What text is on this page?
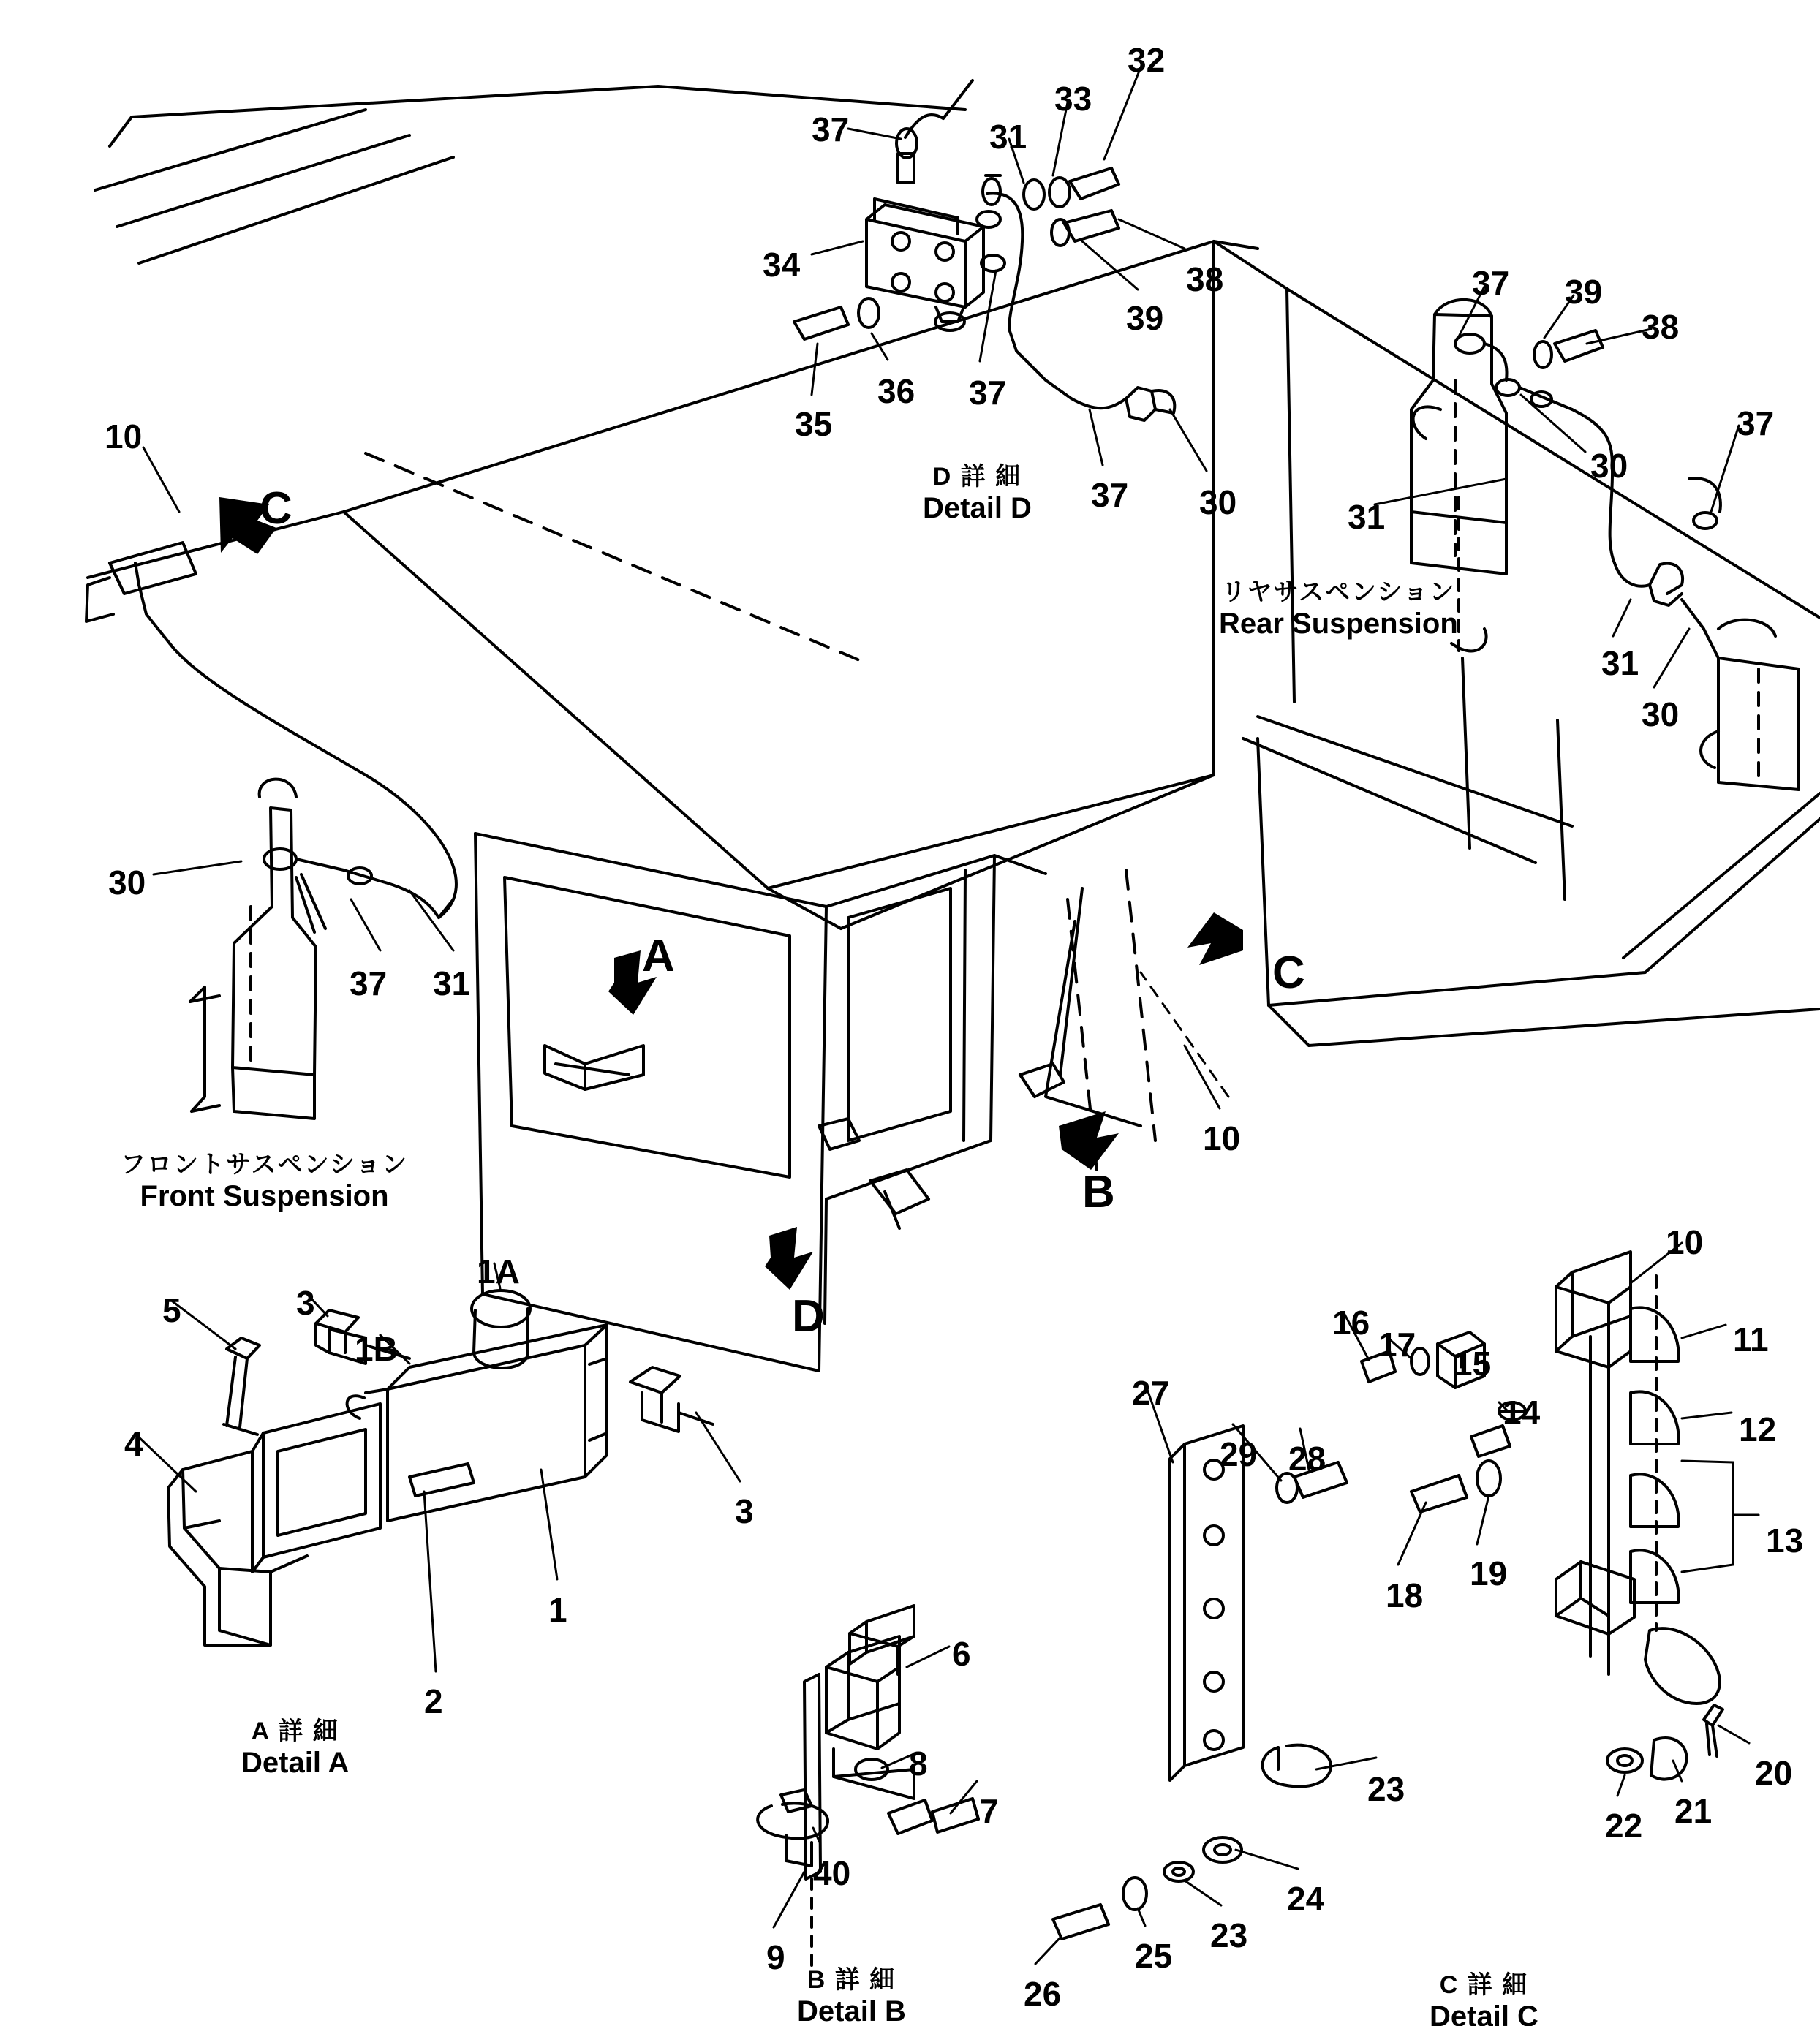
10
30
37 31
37	31
33
32
34	38
39
35
36 37
37 30
37 39
38
37
30
31
31
30
10
10
11
12
13
14
15
16
17
18
19
20
21
22
23
23
24
25
26
27
28
29
1
1A
1B
2
3
3
4
5
6
7
8
9
40
A
B
C
C
D
D 詳 細
Detail D
リヤサスペンション
Rear Suspension
フロントサスペンション
Front Suspension
A 詳 細
Detail A
B 詳 細
Detail B
C 詳 細
Detail C
